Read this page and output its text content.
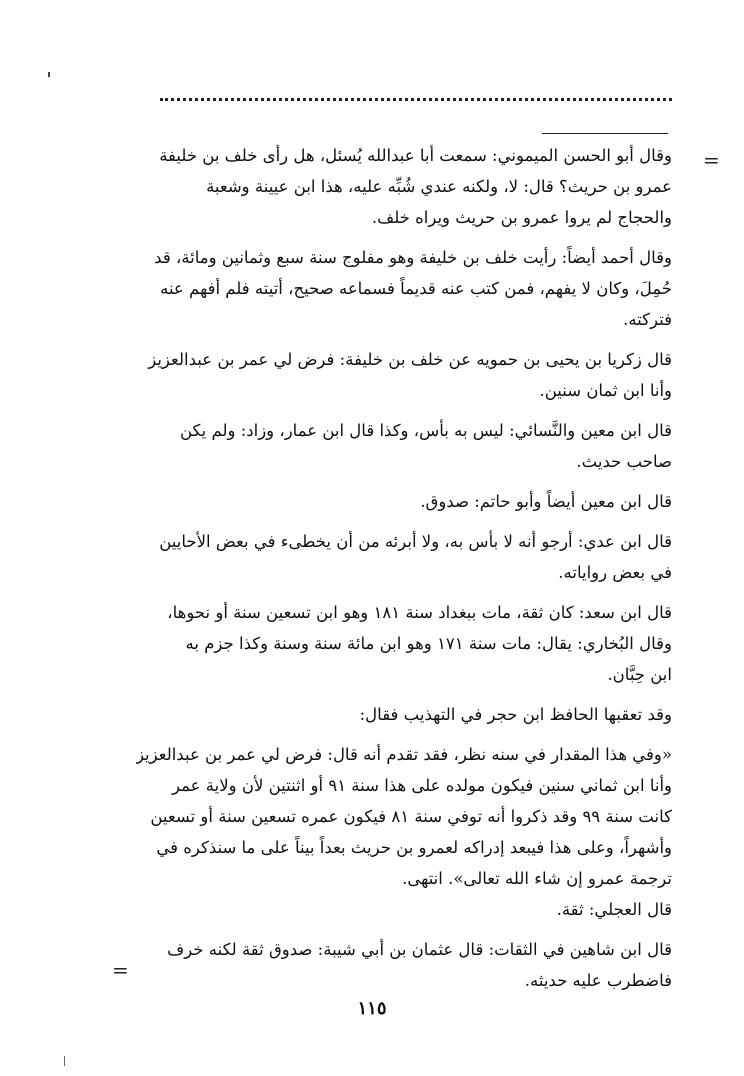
=
=

وقال أبو الحسن الميموني: سمعت أبا عبدالله يُسئل، هل رأى خلف بن خليفة
عمرو بن حريث؟ قال: لا، ولكنه عندي شُبِّه عليه، هذا ابن عيينة وشعبة
والحجاج لم يروا عمرو بن حريث ويراه خلف.

وقال أحمد أيضاً: رأيت خلف بن خليفة وهو مفلوج سنة سبع وثمانين ومائة، قد
حُمِلَ، وكان لا يفهم، فمن كتب عنه قديماً فسماعه صحيح، أتيته فلم أفهم عنه
فتركته.

قال زكريا بن يحيى بن حمويه عن خلف بن خليفة: فرض لي عمر بن عبدالعزيز
وأنا ابن ثمان سنين.

قال ابن معين والنَّسائي: ليس به بأس، وكذا قال ابن عمار، وزاد: ولم يكن
صاحب حديث.

قال ابن معين أيضاً وأبو حاتم: صدوق.

قال ابن عدي: أرجو أنه لا بأس به، ولا أبرئه من أن يخطىء في بعض الأحايين
في بعض رواياته.

قال ابن سعد: كان ثقة، مات ببغداد سنة ١٨١ وهو ابن تسعين سنة أو نحوها،
وقال البُخاري: يقال: مات سنة ١٧١ وهو ابن مائة سنة وسنة وكذا جزم به
ابن حِبَّان.

وقد تعقبها الحافظ ابن حجر في التهذيب فقال:

«وفي هذا المقدار في سنه نظر، فقد تقدم أنه قال: فرض لي عمر بن عبدالعزيز
وأنا ابن ثماني سنين فيكون مولده على هذا سنة ٩١ أو اثنتين لأن ولاية عمر
كانت سنة ٩٩ وقد ذكروا أنه توفي سنة ٨١ فيكون عمره تسعين سنة أو تسعين
وأشهراً، وعلى هذا فيبعد إدراكه لعمرو بن حريث بعداً بيناً على ما سنذكره في
ترجمة عمرو إن شاء الله تعالى». انتهى.
قال العجلي: ثقة.

قال ابن شاهين في الثقات: قال عثمان بن أبي شيبة: صدوق ثقة لكنه خرف
فاضطرب عليه حديثه.

١١٥
